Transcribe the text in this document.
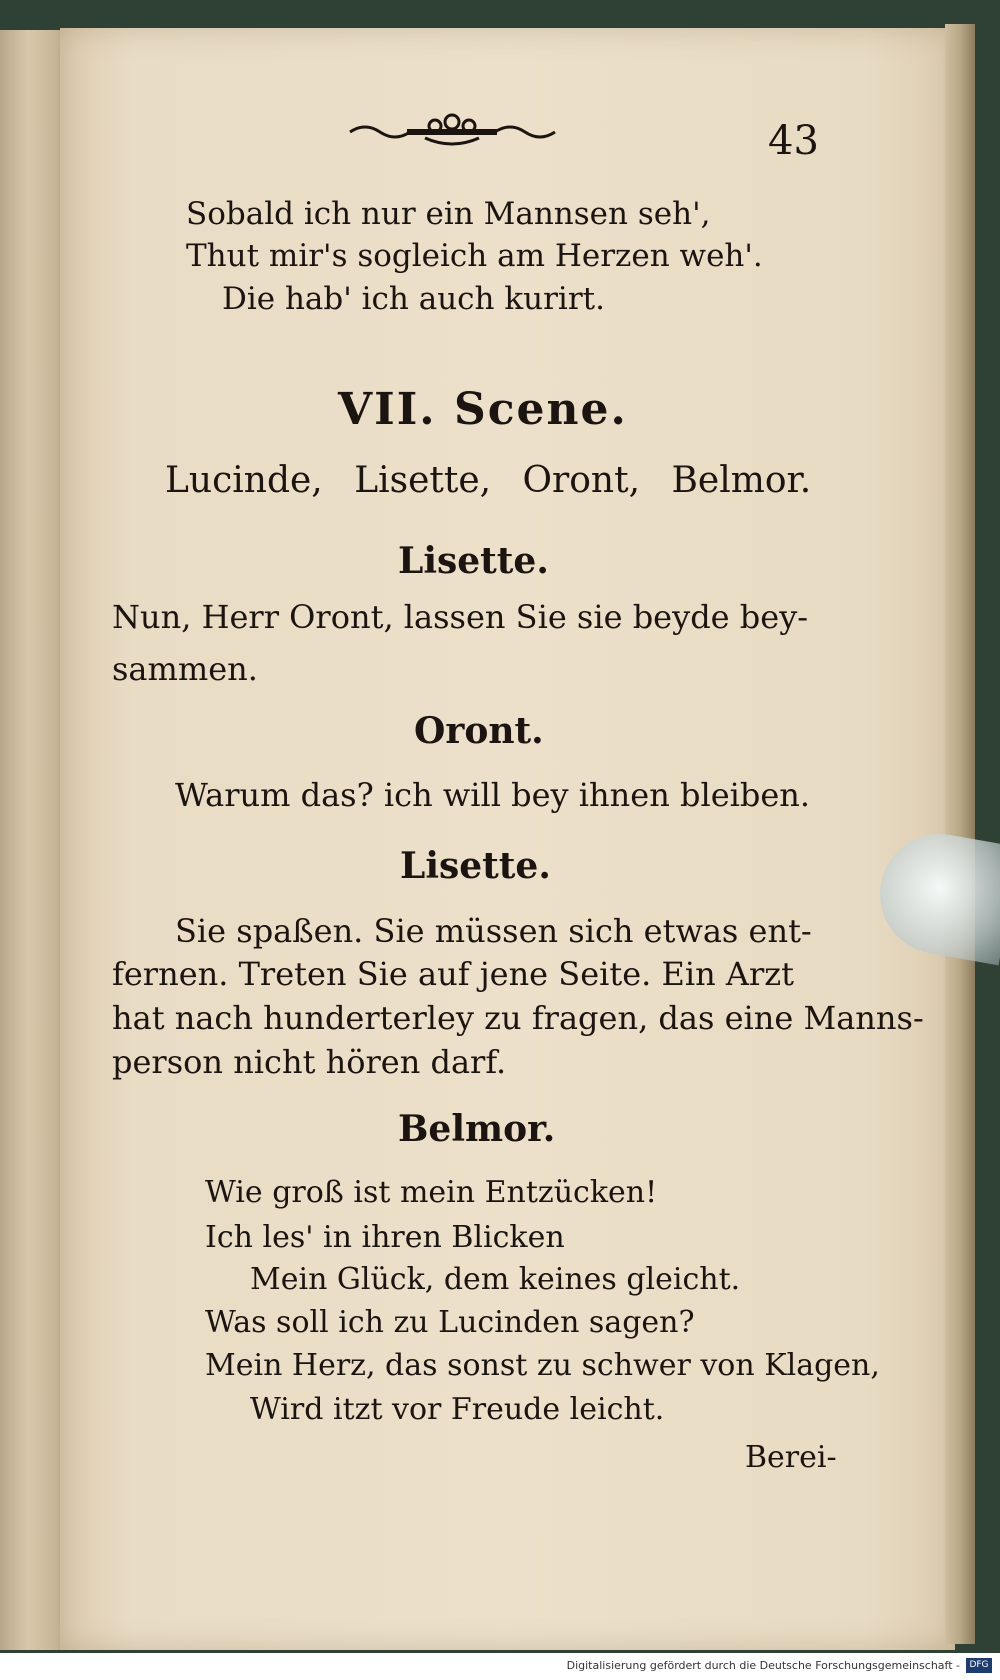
43
Sobald ich nur ein Mannsen seh',
Thut mir's sogleich am Herzen weh'.
Die hab' ich auch kurirt.
VII. Scene.
Lucinde, Lisette, Oront, Belmor.
Lisette.
Nun, Herr Oront, lassen Sie sie beyde bey-
sammen.
Oront.
Warum das? ich will bey ihnen bleiben.
Lisette.
Sie spaßen. Sie müssen sich etwas ent-
fernen. Treten Sie auf jene Seite. Ein Arzt
hat nach hunderterley zu fragen, das eine Manns-
person nicht hören darf.
Belmor.
Wie groß ist mein Entzücken!
Ich les' in ihren Blicken
Mein Glück, dem keines gleicht.
Was soll ich zu Lucinden sagen?
Mein Herz, das sonst zu schwer von Klagen,
Wird itzt vor Freude leicht.
Berei-
Digitalisierung gefördert durch die Deutsche Forschungsgemeinschaft -	DFG
